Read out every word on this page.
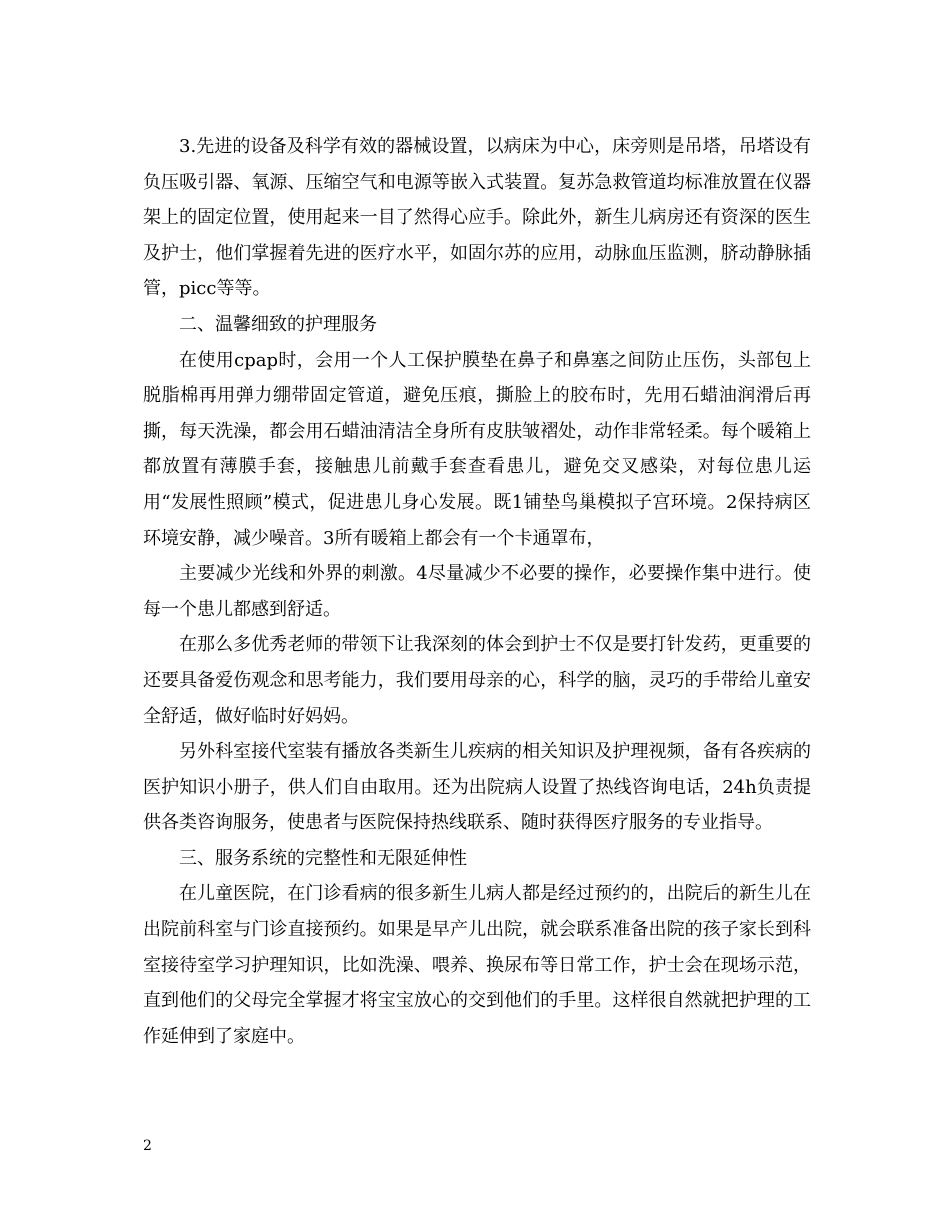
3.先进的设备及科学有效的器械设置，以病床为中心，床旁则是吊塔，吊塔设有负压吸引器、氧源、压缩空气和电源等嵌入式装置。复苏急救管道均标准放置在仪器架上的固定位置，使用起来一目了然得心应手。除此外，新生儿病房还有资深的医生及护士，他们掌握着先进的医疗水平，如固尔苏的应用，动脉血压监测，脐动静脉插管，picc等等。

二、温馨细致的护理服务

在使用cpap时，会用一个人工保护膜垫在鼻子和鼻塞之间防止压伤，头部包上脱脂棉再用弹力绷带固定管道，避免压痕，撕脸上的胶布时，先用石蜡油润滑后再撕，每天洗澡，都会用石蜡油清洁全身所有皮肤皱褶处，动作非常轻柔。每个暖箱上都放置有薄膜手套，接触患儿前戴手套查看患儿，避免交叉感染，对每位患儿运用“发展性照顾”模式，促进患儿身心发展。既1铺垫鸟巢模拟子宫环境。2保持病区环境安静，减少噪音。3所有暖箱上都会有一个卡通罩布，

主要减少光线和外界的刺激。4尽量减少不必要的操作，必要操作集中进行。使每一个患儿都感到舒适。

在那么多优秀老师的带领下让我深刻的体会到护士不仅是要打针发药，更重要的还要具备爱伤观念和思考能力，我们要用母亲的心，科学的脑，灵巧的手带给儿童安全舒适，做好临时好妈妈。

另外科室接代室装有播放各类新生儿疾病的相关知识及护理视频，备有各疾病的医护知识小册子，供人们自由取用。还为出院病人设置了热线咨询电话，24h负责提供各类咨询服务，使患者与医院保持热线联系、随时获得医疗服务的专业指导。

三、服务系统的完整性和无限延伸性

在儿童医院，在门诊看病的很多新生儿病人都是经过预约的，出院后的新生儿在出院前科室与门诊直接预约。如果是早产儿出院，就会联系准备出院的孩子家长到科室接待室学习护理知识，比如洗澡、喂养、换尿布等日常工作，护士会在现场示范，直到他们的父母完全掌握才将宝宝放心的交到他们的手里。这样很自然就把护理的工作延伸到了家庭中。

2
